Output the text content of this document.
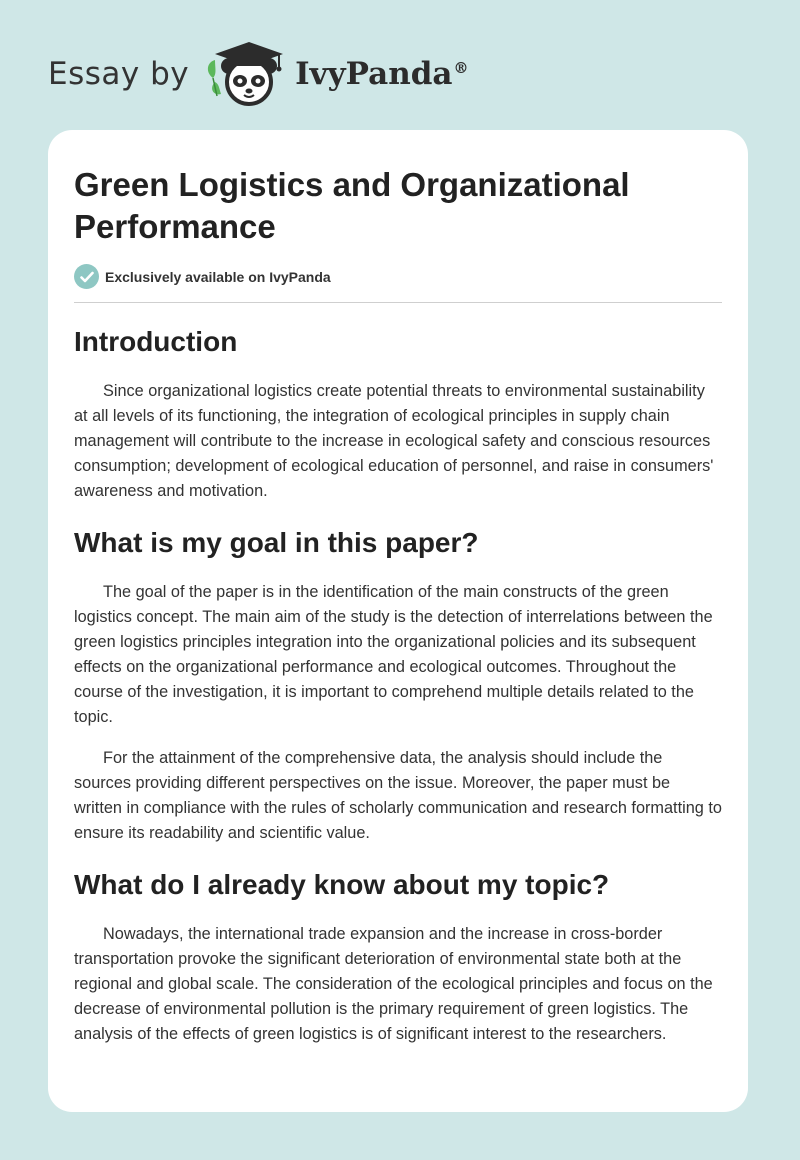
Essay by	IvyPanda®
Green Logistics and Organizational Performance
Exclusively available on IvyPanda
Introduction

Since organizational logistics create potential threats to environmental sustainability at all levels of its functioning, the integration of ecological principles in supply chain management will contribute to the increase in ecological safety and conscious resources consumption; development of ecological education of personnel, and raise in consumers' awareness and motivation.

What is my goal in this paper?

The goal of the paper is in the identification of the main constructs of the green logistics concept. The main aim of the study is the detection of interrelations between the green logistics principles integration into the organizational policies and its subsequent effects on the organizational performance and ecological outcomes. Throughout the course of the investigation, it is important to comprehend multiple details related to the topic.

For the attainment of the comprehensive data, the analysis should include the sources providing different perspectives on the issue. Moreover, the paper must be written in compliance with the rules of scholarly communication and research formatting to ensure its readability and scientific value.

What do I already know about my topic?

Nowadays, the international trade expansion and the increase in cross-border transportation provoke the significant deterioration of environmental state both at the regional and global scale. The consideration of the ecological principles and focus on the decrease of environmental pollution is the primary requirement of green logistics. The analysis of the effects of green logistics is of significant interest to the researchers.
